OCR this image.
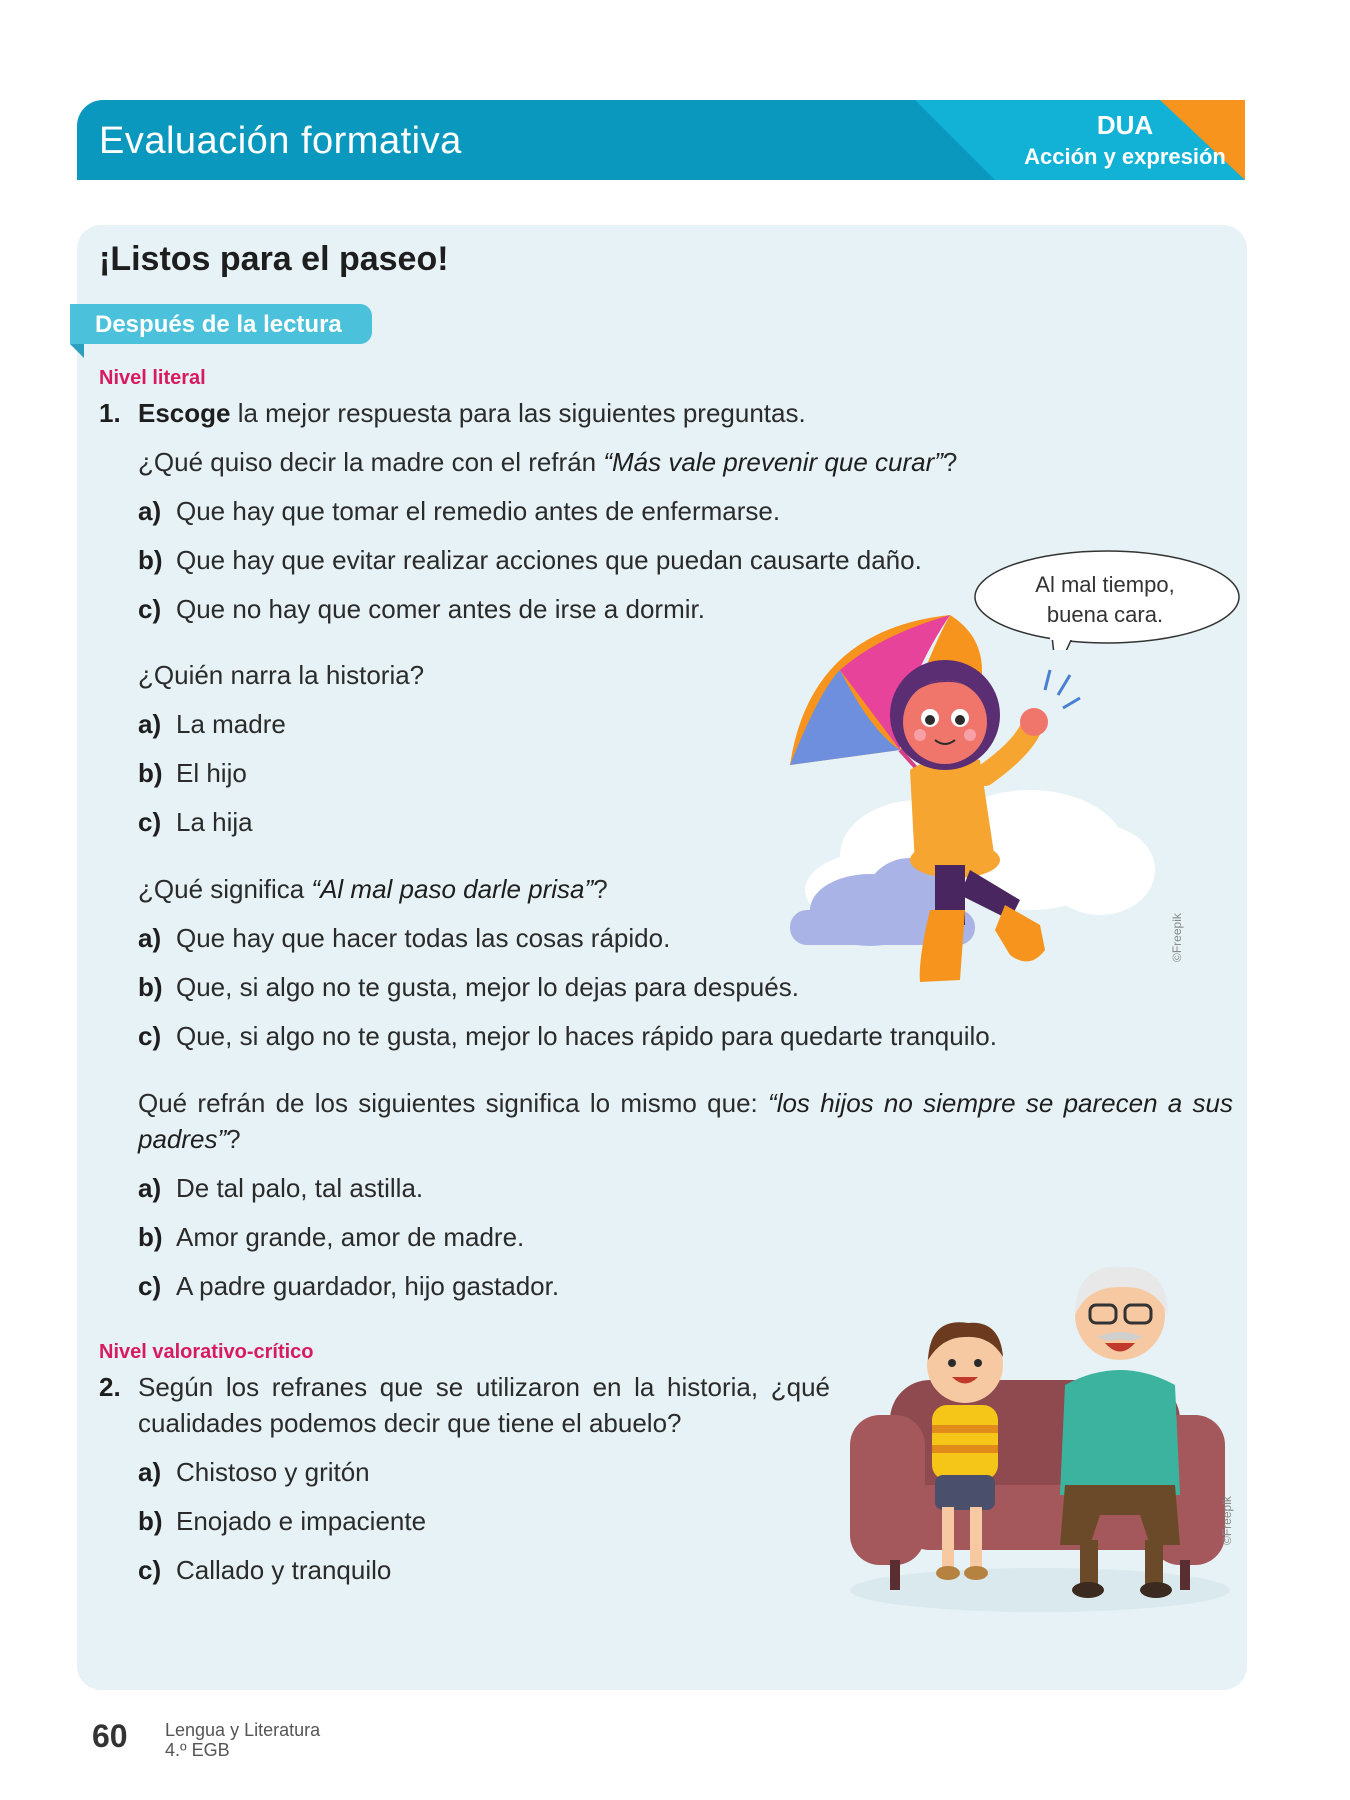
Evaluación formativa	DUA
Acción y expresión
¡Listos para el paseo!
Después de la lectura
Nivel literal
1. Escoge la mejor respuesta para las siguientes preguntas.
¿Qué quiso decir la madre con el refrán “Más vale prevenir que curar”?
a) Que hay que tomar el remedio antes de enfermarse.
b) Que hay que evitar realizar acciones que puedan causarte daño.
c) Que no hay que comer antes de irse a dormir.
¿Quién narra la historia?
a) La madre
b) El hijo
c) La hija
¿Qué significa “Al mal paso darle prisa”?
a) Que hay que hacer todas las cosas rápido.
b) Que, si algo no te gusta, mejor lo dejas para después.
c) Que, si algo no te gusta, mejor lo haces rápido para quedarte tranquilo.
Qué refrán de los siguientes significa lo mismo que: “los hijos no siempre se parecen a sus
padres”?
a) De tal palo, tal astilla.
b) Amor grande, amor de madre.
c) A padre guardador, hijo gastador.
Al mal tiempo,
buena cara.
©Freepik
Nivel valorativo-crítico
2. Según los refranes que se utilizaron en la historia, ¿qué
cualidades podemos decir que tiene el abuelo?
a) Chistoso y gritón
b) Enojado e impaciente
c) Callado y tranquilo
©Freepik
60 Lengua y Literatura
4.º EGB
